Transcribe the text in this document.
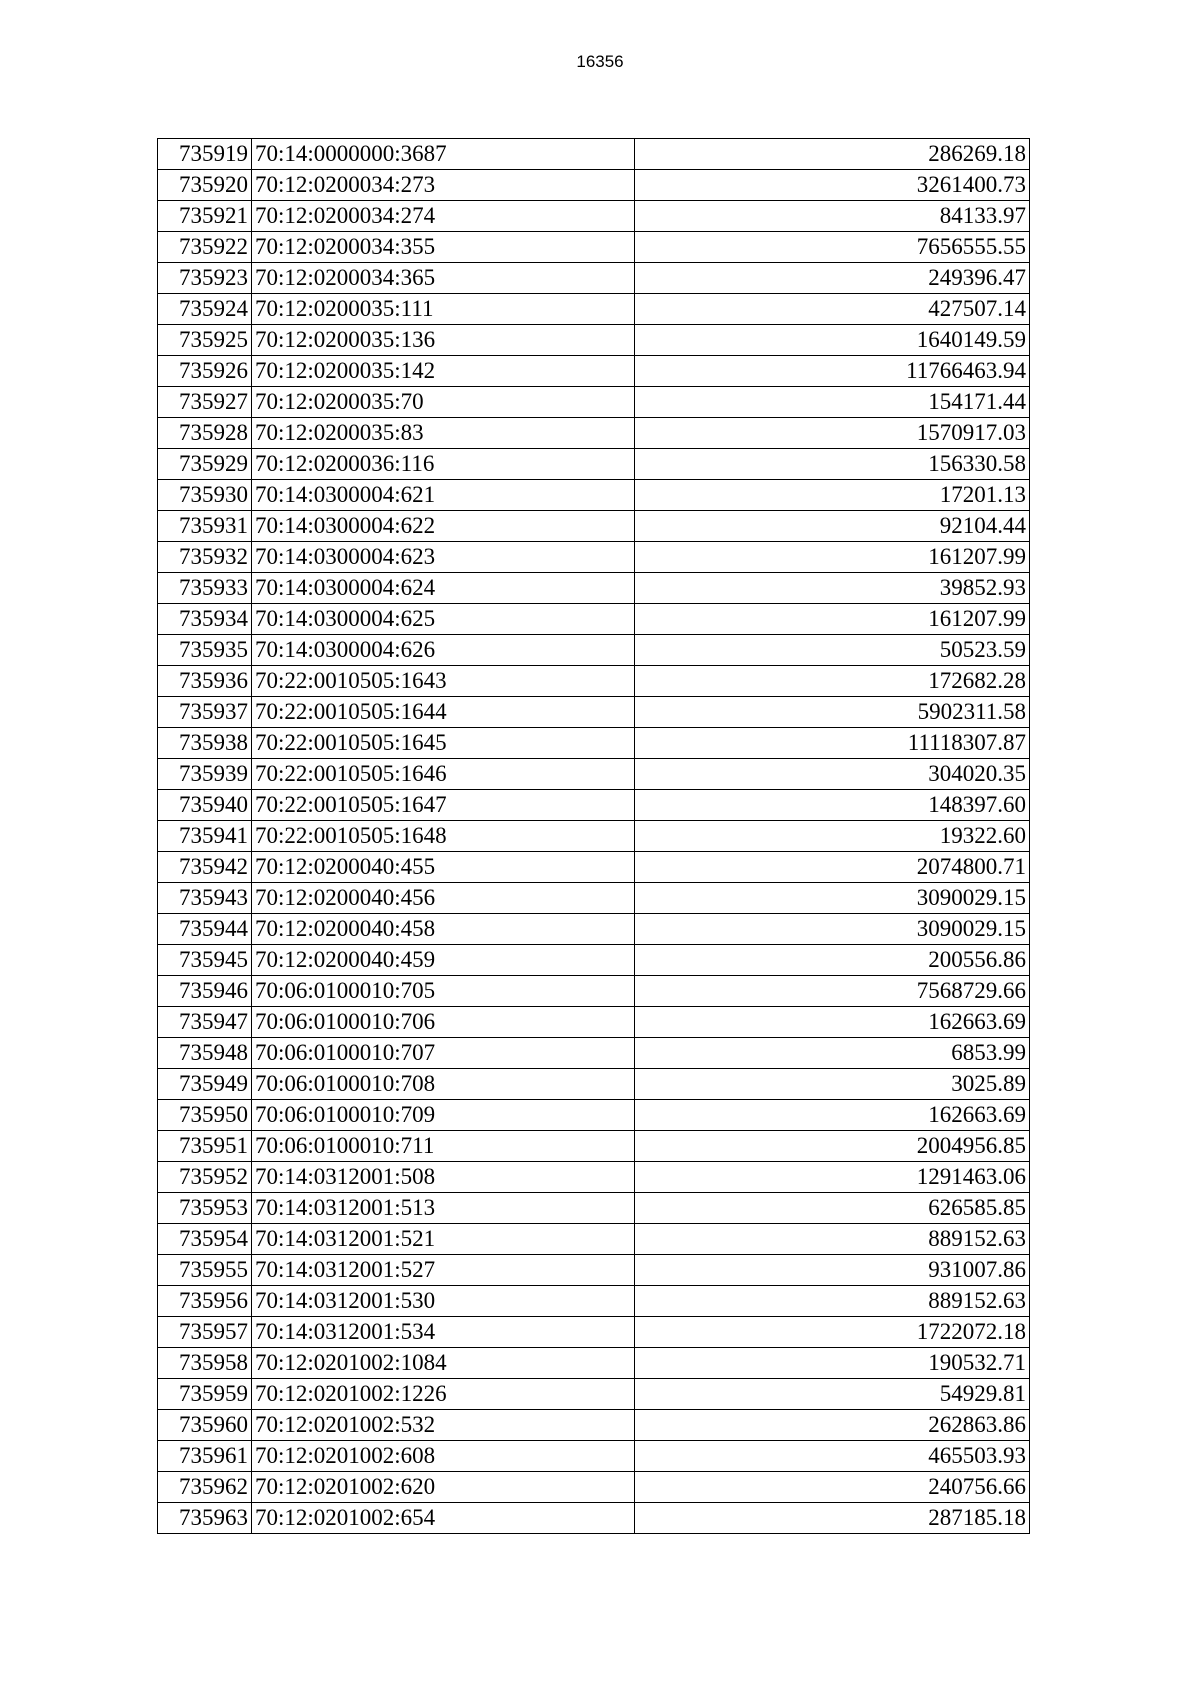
16356
735919	70:14:0000000:3687	286269.18
735920	70:12:0200034:273	3261400.73
735921	70:12:0200034:274	84133.97
735922	70:12:0200034:355	7656555.55
735923	70:12:0200034:365	249396.47
735924	70:12:0200035:111	427507.14
735925	70:12:0200035:136	1640149.59
735926	70:12:0200035:142	11766463.94
735927	70:12:0200035:70	154171.44
735928	70:12:0200035:83	1570917.03
735929	70:12:0200036:116	156330.58
735930	70:14:0300004:621	17201.13
735931	70:14:0300004:622	92104.44
735932	70:14:0300004:623	161207.99
735933	70:14:0300004:624	39852.93
735934	70:14:0300004:625	161207.99
735935	70:14:0300004:626	50523.59
735936	70:22:0010505:1643	172682.28
735937	70:22:0010505:1644	5902311.58
735938	70:22:0010505:1645	11118307.87
735939	70:22:0010505:1646	304020.35
735940	70:22:0010505:1647	148397.60
735941	70:22:0010505:1648	19322.60
735942	70:12:0200040:455	2074800.71
735943	70:12:0200040:456	3090029.15
735944	70:12:0200040:458	3090029.15
735945	70:12:0200040:459	200556.86
735946	70:06:0100010:705	7568729.66
735947	70:06:0100010:706	162663.69
735948	70:06:0100010:707	6853.99
735949	70:06:0100010:708	3025.89
735950	70:06:0100010:709	162663.69
735951	70:06:0100010:711	2004956.85
735952	70:14:0312001:508	1291463.06
735953	70:14:0312001:513	626585.85
735954	70:14:0312001:521	889152.63
735955	70:14:0312001:527	931007.86
735956	70:14:0312001:530	889152.63
735957	70:14:0312001:534	1722072.18
735958	70:12:0201002:1084	190532.71
735959	70:12:0201002:1226	54929.81
735960	70:12:0201002:532	262863.86
735961	70:12:0201002:608	465503.93
735962	70:12:0201002:620	240756.66
735963	70:12:0201002:654	287185.18
